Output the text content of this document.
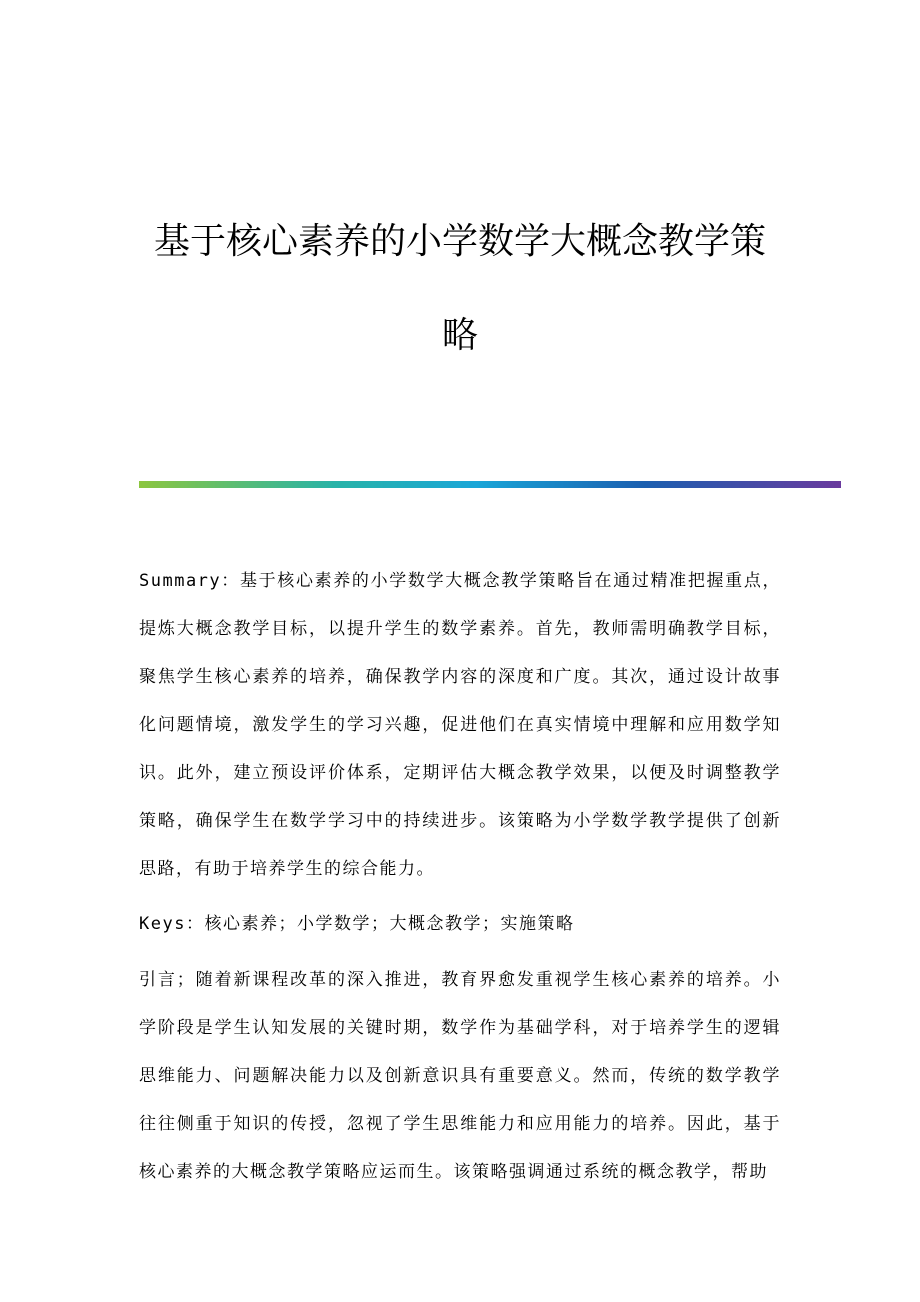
基于核心素养的小学数学大概念教学策
略
Summary：基于核心素养的小学数学大概念教学策略旨在通过精准把握重点，提炼大概念教学目标，以提升学生的数学素养。首先，教师需明确教学目标，聚焦学生核心素养的培养，确保教学内容的深度和广度。其次，通过设计故事化问题情境，激发学生的学习兴趣，促进他们在真实情境中理解和应用数学知识。此外，建立预设评价体系，定期评估大概念教学效果，以便及时调整教学策略，确保学生在数学学习中的持续进步。该策略为小学数学教学提供了创新思路，有助于培养学生的综合能力。
Keys：核心素养；小学数学；大概念教学；实施策略
引言；随着新课程改革的深入推进，教育界愈发重视学生核心素养的培养。小学阶段是学生认知发展的关键时期，数学作为基础学科，对于培养学生的逻辑思维能力、问题解决能力以及创新意识具有重要意义。然而，传统的数学教学往往侧重于知识的传授，忽视了学生思维能力和应用能力的培养。因此，基于核心素养的大概念教学策略应运而生。该策略强调通过系统的概念教学，帮助
